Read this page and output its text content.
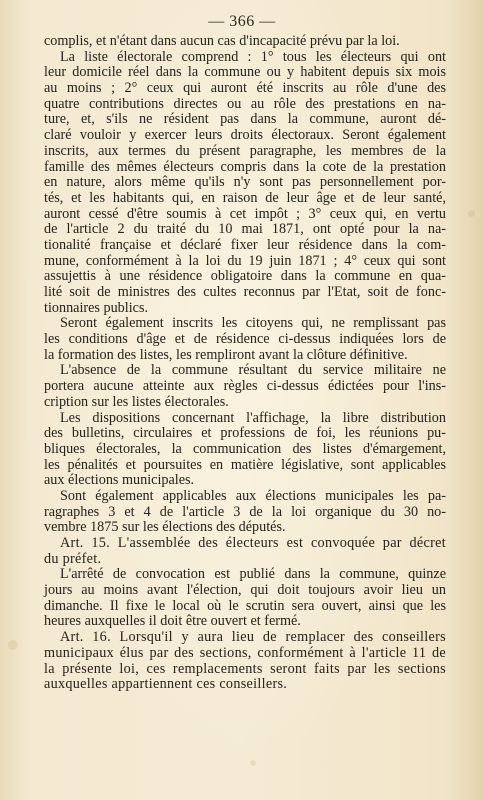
— 366 —

complis, et n'étant dans aucun cas d'incapacité prévu par la loi.

La liste électorale comprend : 1° tous les électeurs qui ont
leur domicile réel dans la commune ou y habitent depuis six mois
au moins ; 2° ceux qui auront été inscrits au rôle d'une des
quatre contributions directes ou au rôle des prestations en na-
ture, et, s'ils ne résident pas dans la commune, auront dé-
claré vouloir y exercer leurs droits électoraux. Seront également
inscrits, aux termes du présent paragraphe, les membres de la
famille des mêmes électeurs compris dans la cote de la prestation
en nature, alors même qu'ils n'y sont pas personnellement por-
tés, et les habitants qui, en raison de leur âge et de leur santé,
auront cessé d'être soumis à cet impôt ; 3° ceux qui, en vertu
de l'article 2 du traité du 10 mai 1871, ont opté pour la na-
tionalité française et déclaré fixer leur résidence dans la com-
mune, conformément à la loi du 19 juin 1871 ; 4° ceux qui sont
assujettis à une résidence obligatoire dans la commune en qua-
lité soit de ministres des cultes reconnus par l'Etat, soit de fonc-
tionnaires publics.

Seront également inscrits les citoyens qui, ne remplissant pas
les conditions d'âge et de résidence ci-dessus indiquées lors de
la formation des listes, les rempliront avant la clôture définitive.

L'absence de la commune résultant du service militaire ne
portera aucune atteinte aux règles ci-dessus édictées pour l'ins-
cription sur les listes électorales.

Les dispositions concernant l'affichage, la libre distribution
des bulletins, circulaires et professions de foi, les réunions pu-
bliques électorales, la communication des listes d'émargement,
les pénalités et poursuites en matière législative, sont applicables
aux élections municipales.

Sont également applicables aux élections municipales les pa-
ragraphes 3 et 4 de l'article 3 de la loi organique du 30 no-
vembre 1875 sur les élections des députés.

Art. 15. L'assemblée des électeurs est convoquée par décret
du préfet.

L'arrêté de convocation est publié dans la commune, quinze
jours au moins avant l'élection, qui doit toujours avoir lieu un
dimanche. Il fixe le local où le scrutin sera ouvert, ainsi que les
heures auxquelles il doit être ouvert et fermé.

Art. 16. Lorsqu'il y aura lieu de remplacer des conseillers
municipaux élus par des sections, conformément à l'article 11 de
la présente loi, ces remplacements seront faits par les sections
auxquelles appartiennent ces conseillers.
